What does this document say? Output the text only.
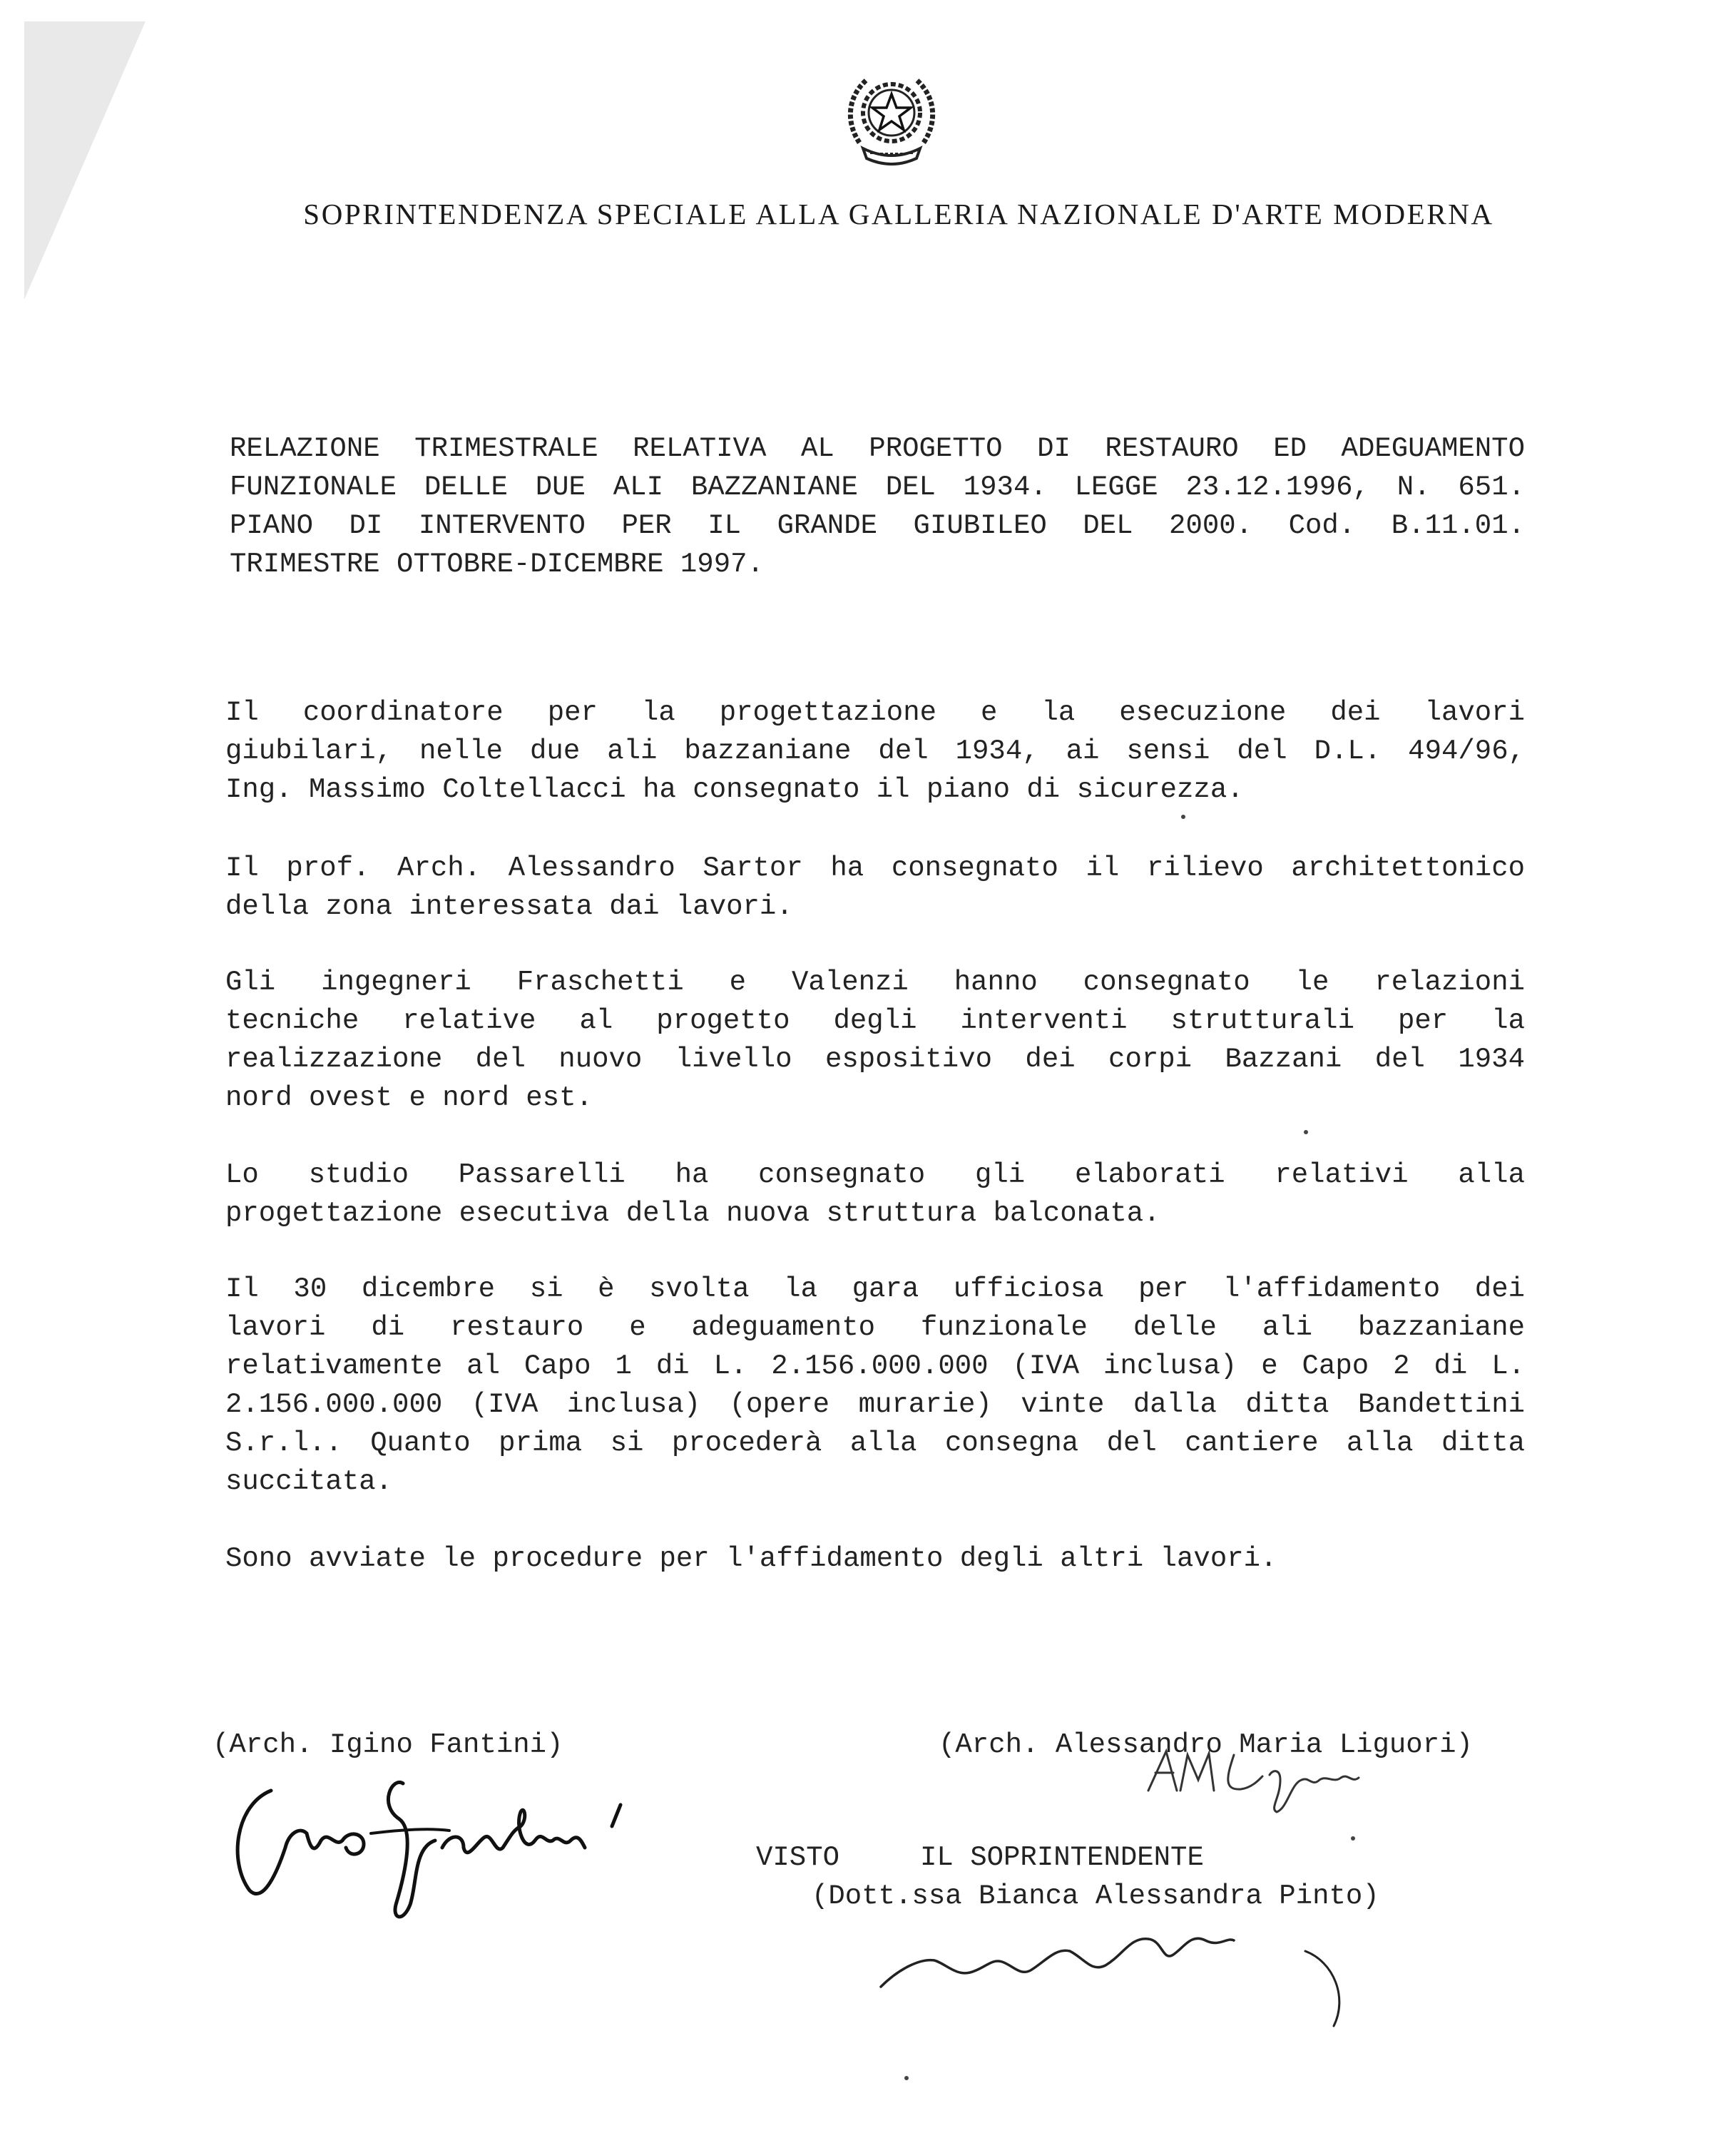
SOPRINTENDENZA SPECIALE ALLA GALLERIA NAZIONALE D'ARTE MODERNA
RELAZIONE TRIMESTRALE RELATIVA AL PROGETTO DI RESTAURO ED ADEGUAMENTO
FUNZIONALE DELLE DUE ALI BAZZANIANE DEL 1934. LEGGE 23.12.1996, N. 651.
PIANO DI INTERVENTO PER IL GRANDE GIUBILEO DEL 2000. Cod. B.11.01.
TRIMESTRE OTTOBRE-DICEMBRE 1997.
Il coordinatore per la progettazione e la esecuzione dei lavori
giubilari, nelle due ali bazzaniane del 1934, ai sensi del D.L. 494/96,
Ing. Massimo Coltellacci ha consegnato il piano di sicurezza.
Il prof. Arch. Alessandro Sartor ha consegnato il rilievo architettonico
della zona interessata dai lavori.
Gli ingegneri Fraschetti e Valenzi hanno consegnato le relazioni
tecniche relative al progetto degli interventi strutturali per la
realizzazione del nuovo livello espositivo dei corpi Bazzani del 1934
nord ovest e nord est.
Lo studio Passarelli ha consegnato gli elaborati relativi alla
progettazione esecutiva della nuova struttura balconata.
Il 30 dicembre si è svolta la gara ufficiosa per l'affidamento dei
lavori di restauro e adeguamento funzionale delle ali bazzaniane
relativamente al Capo 1 di L. 2.156.000.000 (IVA inclusa) e Capo 2 di L.
2.156.000.000 (IVA inclusa) (opere murarie) vinte dalla ditta Bandettini
S.r.l.. Quanto prima si procederà alla consegna del cantiere alla ditta
succitata.
Sono avviate le procedure per l'affidamento degli altri lavori.
(Arch. Igino Fantini)	(Arch. Alessandro Maria Liguori)
VISTO	IL SOPRINTENDENTE
(Dott.ssa Bianca Alessandra Pinto)
